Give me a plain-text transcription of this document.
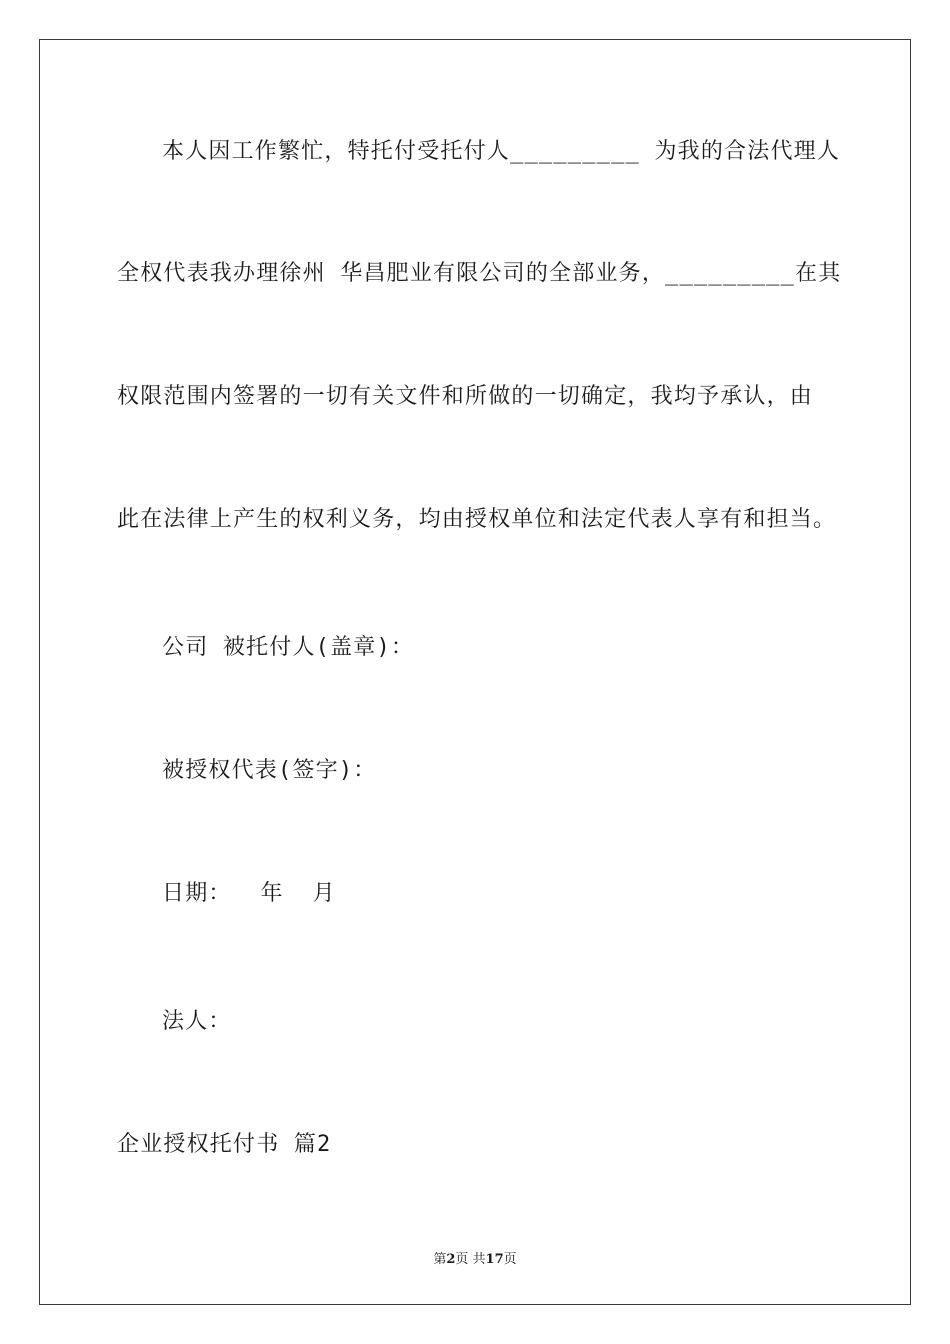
本人因工作繁忙，特托付受托付人_________ 为我的合法代理人
全权代表我办理徐州 华昌肥业有限公司的全部业务，_________在其
权限范围内签署的一切有关文件和所做的一切确定，我均予承认，由
此在法律上产生的权利义务，均由授权单位和法定代表人享有和担当。
公司 被托付人(盖章)：
被授权代表(签字)：
日期：  年  月
法人：
企业授权托付书 篇2
第2页 共17页
